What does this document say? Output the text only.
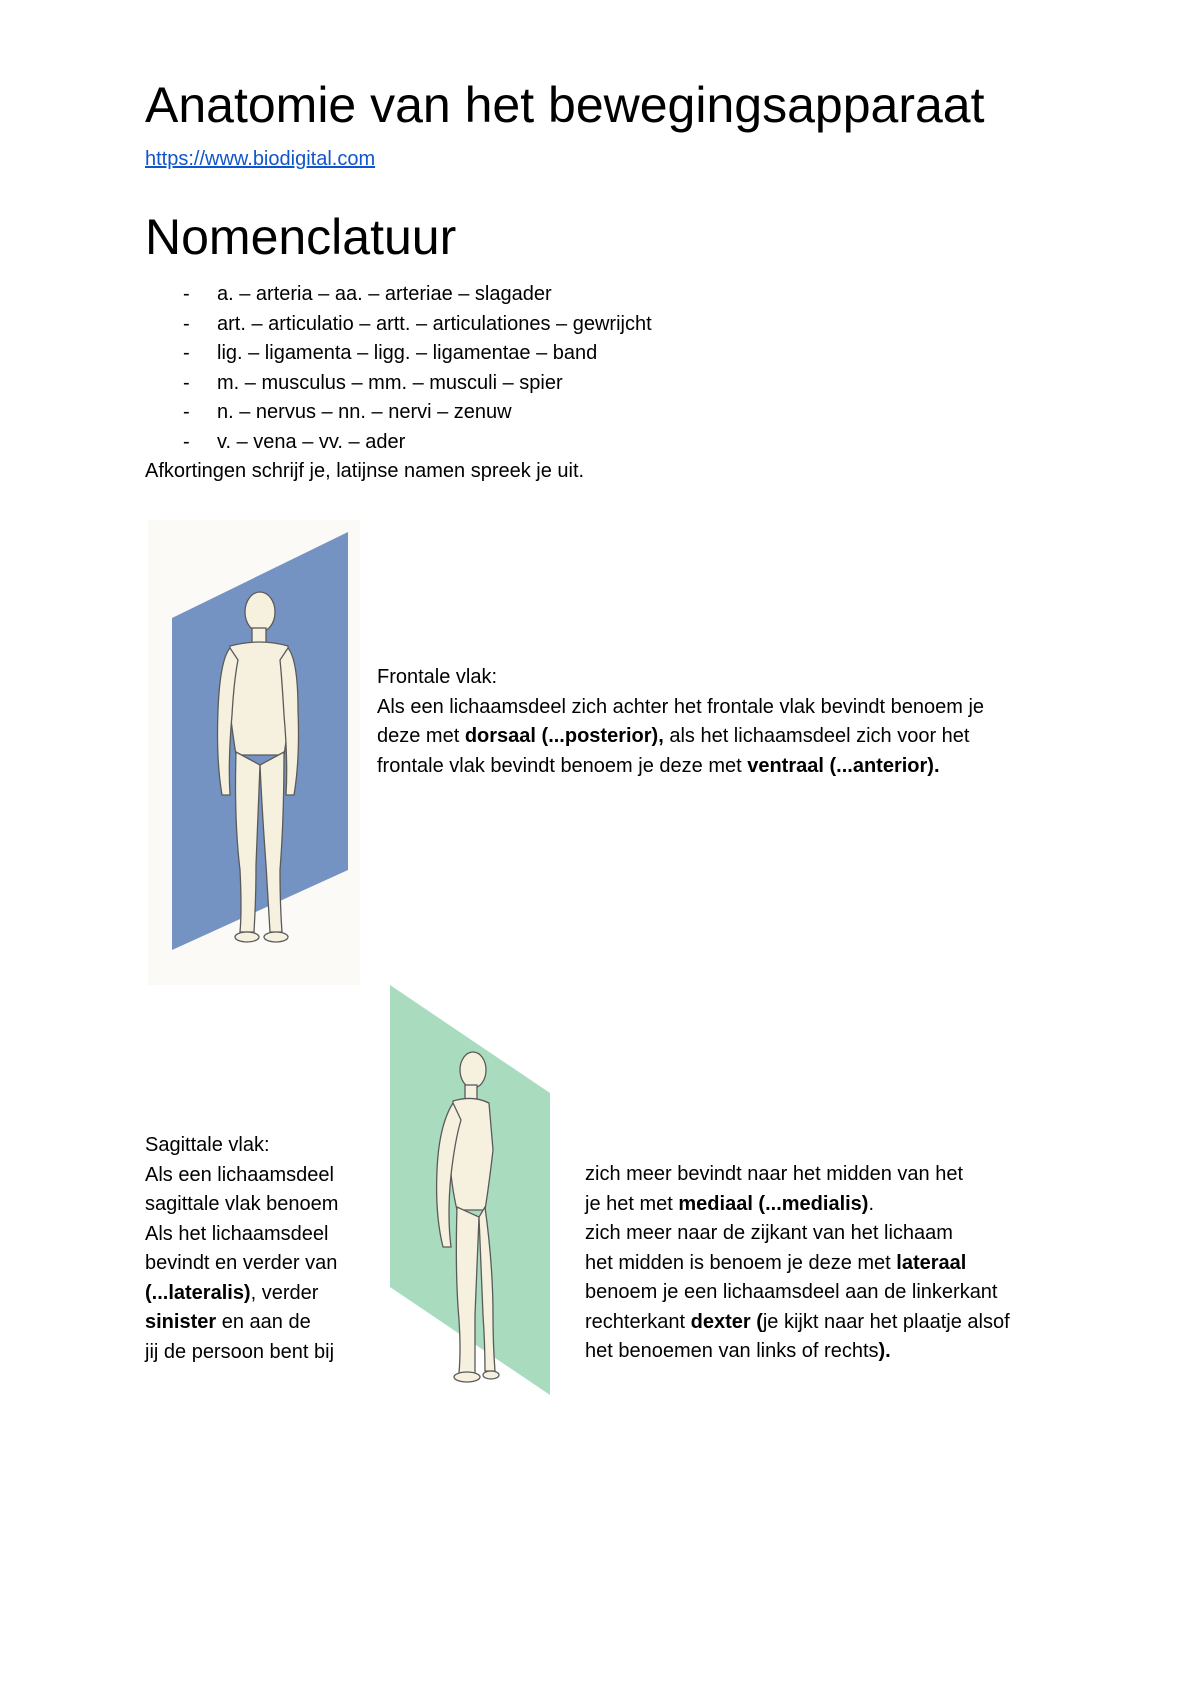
Anatomie van het bewegingsapparaat
https://www.biodigital.com
Nomenclatuur
- a. – arteria – aa. – arteriae – slagader
- art. – articulatio – artt. – articulationes – gewrijcht
- lig. – ligamenta – ligg. – ligamentae – band
- m. – musculus – mm. – musculi – spier
- n. – nervus – nn. – nervi – zenuw
- v. – vena – vv. – ader
Afkortingen schrijf je, latijnse namen spreek je uit.
Frontale vlak:
Als een lichaamsdeel zich achter het frontale vlak bevindt benoem je
deze met dorsaal (...posterior), als het lichaamsdeel zich voor het
frontale vlak bevindt benoem je deze met ventraal (...anterior).
Sagittale vlak:
Als een lichaamsdeel
sagittale vlak benoem
Als het lichaamsdeel
bevindt en verder van
(...lateralis), verder
sinister en aan de
jij de persoon bent bij
zich meer bevindt naar het midden van het
je het met mediaal (...medialis).
zich meer naar de zijkant van het lichaam
het midden is benoem je deze met lateraal
benoem je een lichaamsdeel aan de linkerkant
rechterkant dexter (je kijkt naar het plaatje alsof
het benoemen van links of rechts).
